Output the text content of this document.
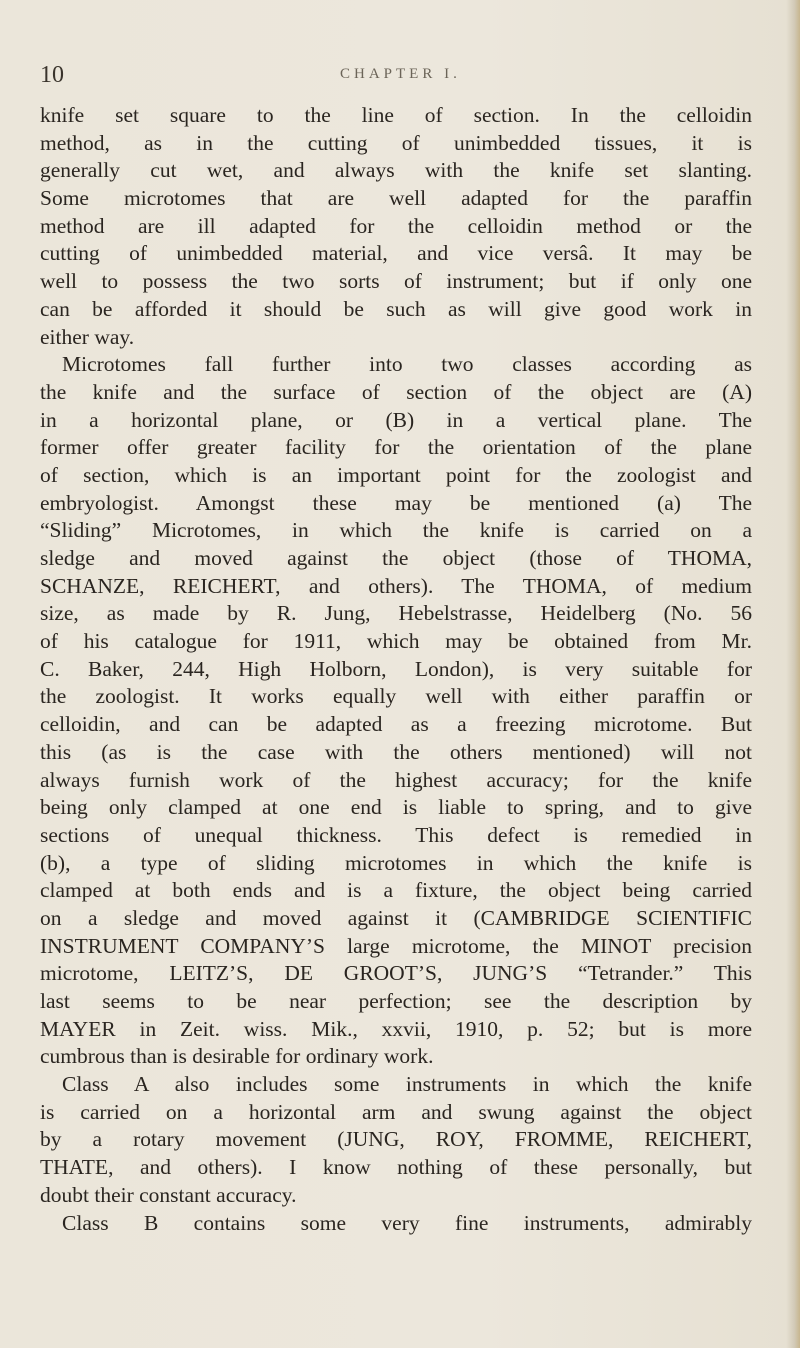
10	CHAPTER I.
knife set square to the line of section. In the celloidin
method, as in the cutting of unimbedded tissues, it is
generally cut wet, and always with the knife set slanting.
Some microtomes that are well adapted for the paraffin
method are ill adapted for the celloidin method or the
cutting of unimbedded material, and vice versâ. It may be
well to possess the two sorts of instrument; but if only one
can be afforded it should be such as will give good work in
either way.
Microtomes fall further into two classes according as
the knife and the surface of section of the object are (A)
in a horizontal plane, or (B) in a vertical plane. The
former offer greater facility for the orientation of the plane
of section, which is an important point for the zoologist and
embryologist. Amongst these may be mentioned (a) The
“Sliding” Microtomes, in which the knife is carried on a
sledge and moved against the object (those of THOMA,
SCHANZE, REICHERT, and others). The THOMA, of medium
size, as made by R. Jung, Hebelstrasse, Heidelberg (No. 56
of his catalogue for 1911, which may be obtained from Mr.
C. Baker, 244, High Holborn, London), is very suitable for
the zoologist. It works equally well with either paraffin or
celloidin, and can be adapted as a freezing microtome. But
this (as is the case with the others mentioned) will not
always furnish work of the highest accuracy; for the knife
being only clamped at one end is liable to spring, and to give
sections of unequal thickness. This defect is remedied in
(b), a type of sliding microtomes in which the knife is
clamped at both ends and is a fixture, the object being carried
on a sledge and moved against it (CAMBRIDGE SCIENTIFIC
INSTRUMENT COMPANY’S large microtome, the MINOT precision
microtome, LEITZ’S, DE GROOT’S, JUNG’S “Tetrander.” This
last seems to be near perfection; see the description by
MAYER in Zeit. wiss. Mik., xxvii, 1910, p. 52; but is more
cumbrous than is desirable for ordinary work.
Class A also includes some instruments in which the knife
is carried on a horizontal arm and swung against the object
by a rotary movement (JUNG, ROY, FROMME, REICHERT,
THATE, and others). I know nothing of these personally, but
doubt their constant accuracy.
Class B contains some very fine instruments, admirably
